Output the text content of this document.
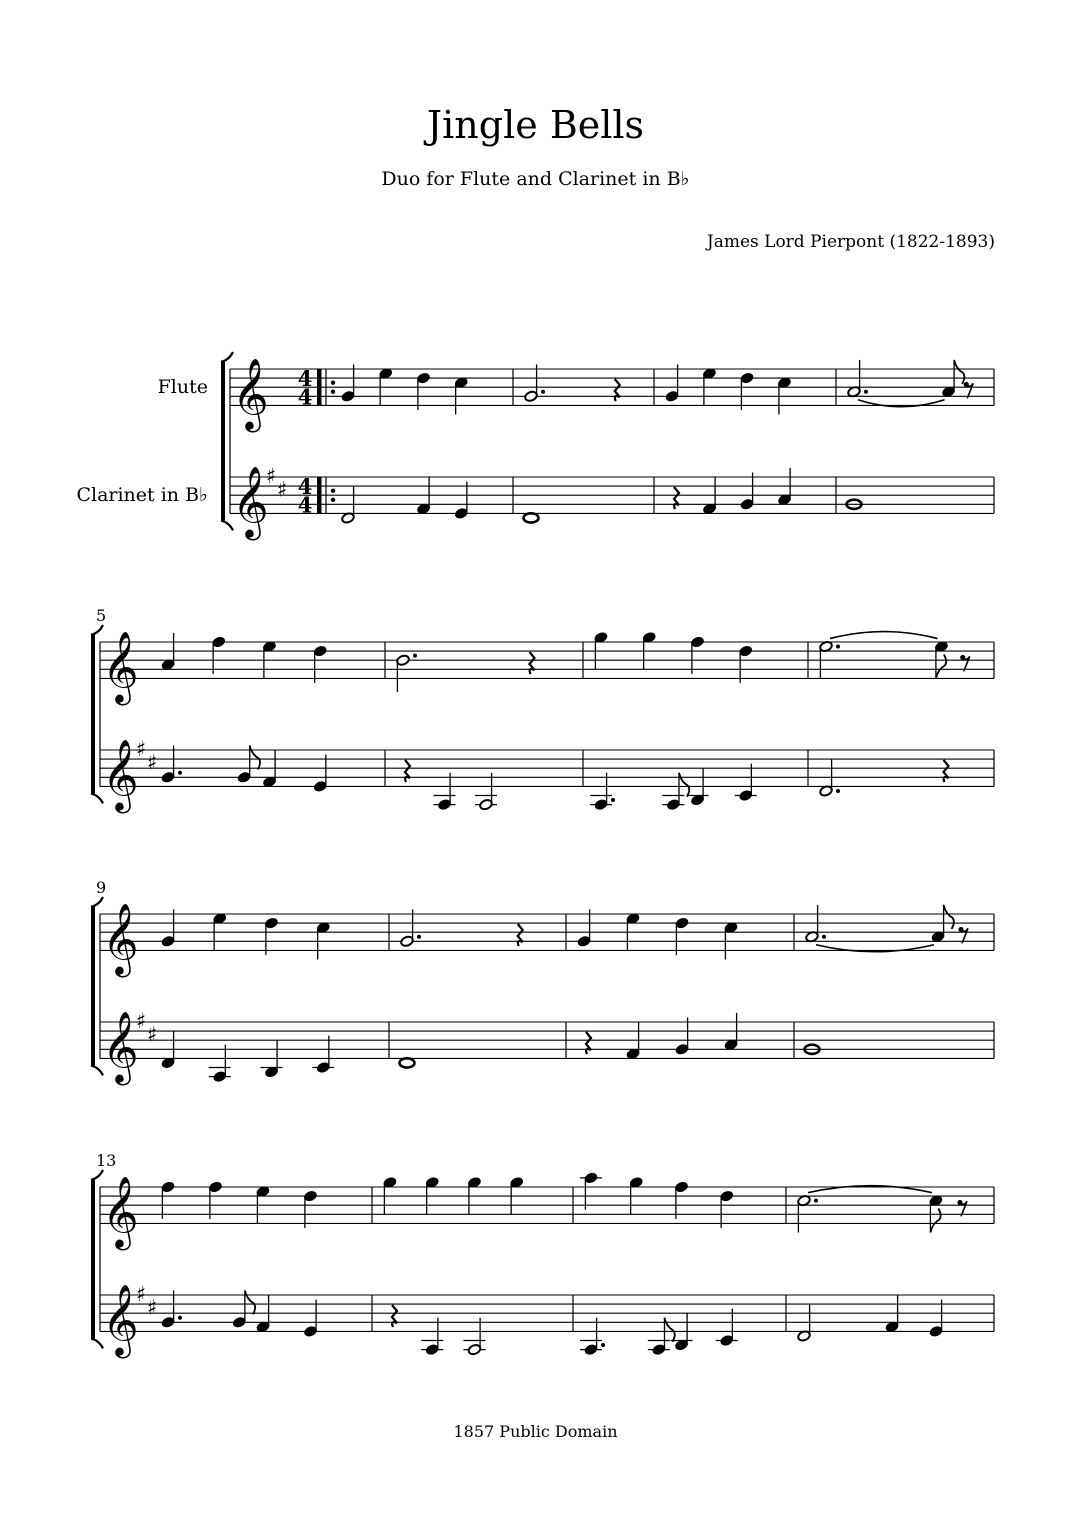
Jingle Bells
Duo for Flute and Clarinet in B♭
James Lord Pierpont (1822-1893)
1857 Public Domain
Flute
Clarinet in B♭
𝄞
𝄞
♯
♯
4
4
4
4
5
𝄞
𝄞
♯
♯
9
𝄞
𝄞
♯
♯
13
𝄞
𝄞
♯
♯
